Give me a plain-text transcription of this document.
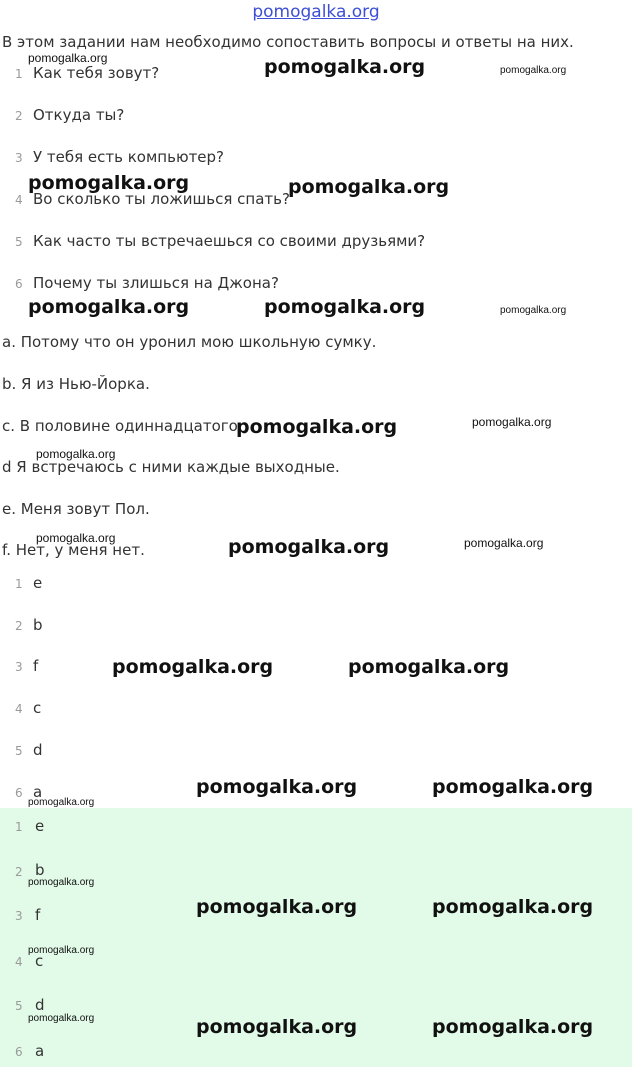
pomogalka.org
В этом задании нам необходимо сопоставить вопросы и ответы на них.
1 Как тебя зовут?
2 Откуда ты?
3 У тебя есть компьютер?
4 Во сколько ты ложишься спать?
5 Как часто ты встречаешься со своими друзьями?
6 Почему ты злишься на Джона?
a. Потому что он уронил мою школьную сумку.
b. Я из Нью-Йорка.
c. В половине одиннадцатого.
d Я встречаюсь с ними каждые выходные.
e. Меня зовут Пол.
f. Нет, у меня нет.
1 e
2 b
3 f
4 c
5 d
6 a
1 e
2 b
3 f
4 c
5 d
6 a
pomogalka.org	pomogalka.org	pomogalka.org
pomogalka.org	pomogalka.org
pomogalka.org	pomogalka.org	pomogalka.org
pomogalka.org	pomogalka.org
pomogalka.org
pomogalka.org	pomogalka.org	pomogalka.org
pomogalka.org	pomogalka.org
pomogalka.org	pomogalka.org
pomogalka.org
pomogalka.org
pomogalka.org	pomogalka.org
pomogalka.org
pomogalka.org	pomogalka.org	pomogalka.org
